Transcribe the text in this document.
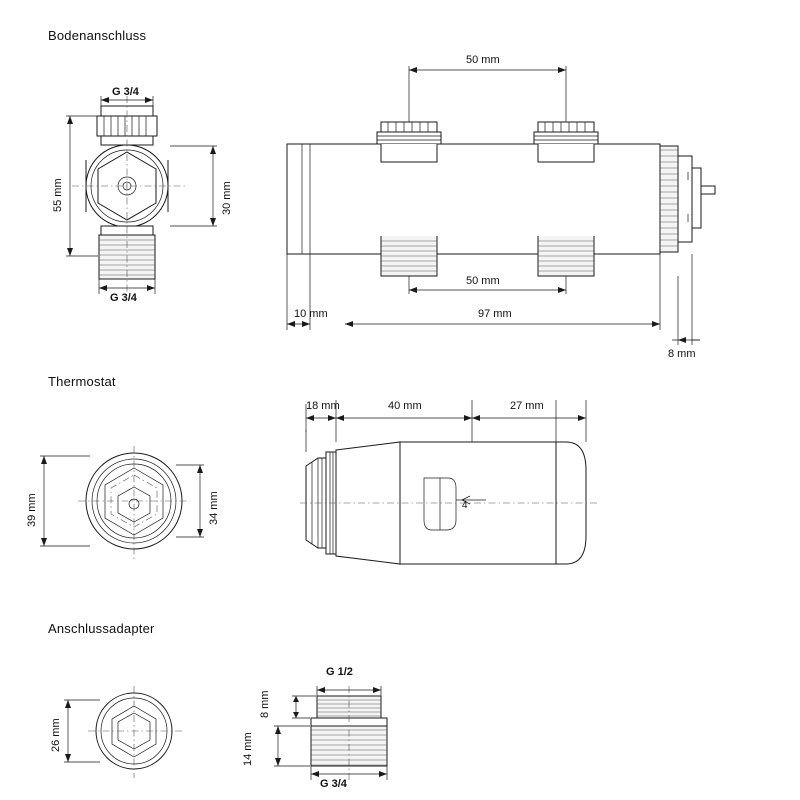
Bodenanschluss
Thermostat
Anschlussadapter
G 3/4
G 3/4
55 mm	30 mm
50 mm
50 mm
10 mm	97 mm
8 mm
39 mm	34 mm
18 mm	40 mm	27 mm
4
26 mm
G 1/2
G 3/4
8 mm
14 mm
